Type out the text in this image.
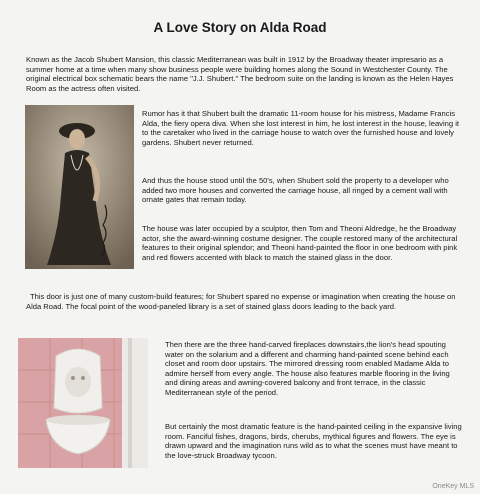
A Love Story on Alda Road

Known as the Jacob Shubert Mansion, this classic Mediterranean was built in 1912 by the Broadway theater impresario as a summer home at a time when many show business people were building homes along the Sound in Westchester County. The original electrical box schematic bears the name "J.J. Shubert." The bedroom suite on the landing is known as the Helen Hayes Room as the actress often visited.

Rumor has it that Shubert built the dramatic 11-room house for his mistress, Madame Francis Alda, the fiery opera diva. When she lost interest in him, he lost interest in the house, leaving it to the caretaker who lived in the carriage house to watch over the furnished house and lovely gardens. Shubert never returned.

And thus the house stood until the 50's, when Shubert sold the property to a developer who added two more houses and converted the carriage house, all ringed by a cement wall with ornate gates that remain today.

The house was later occupied by a sculptor, then Tom and Theoni Aldredge, he the Broadway actor, she the award-winning costume designer. The couple restored many of the architectural features to their original splendor; and Theoni hand-painted the floor in one bedroom with pink and red flowers accented with black to match the stained glass in the door.

This door is just one of many custom-build features; for Shubert spared no expense or imagination when creating the house on Alda Road. The focal point of the wood-paneled library is a set of stained glass doors leading to the back yard.

Then there are the three hand-carved fireplaces downstairs,the lion's head spouting water on the solarium and a different and charming hand-painted scene behind each closet and room door upstairs. The mirrored dressing room enabled Madame Alda to admire herself from every angle. The house also features marble flooring in the living and dining areas and awning-covered balcony and front terrace, in the classic Mediterranean style of the period.

But certainly the most dramatic feature is the hand-painted ceiling in the expansive living room. Fanciful fishes, dragons, birds, cherubs, mythical figures and flowers. The eye is drawn upward and the imagination runs wild as to what the scenes must have meant to the love-struck Broadway tycoon.

OneKey MLS
